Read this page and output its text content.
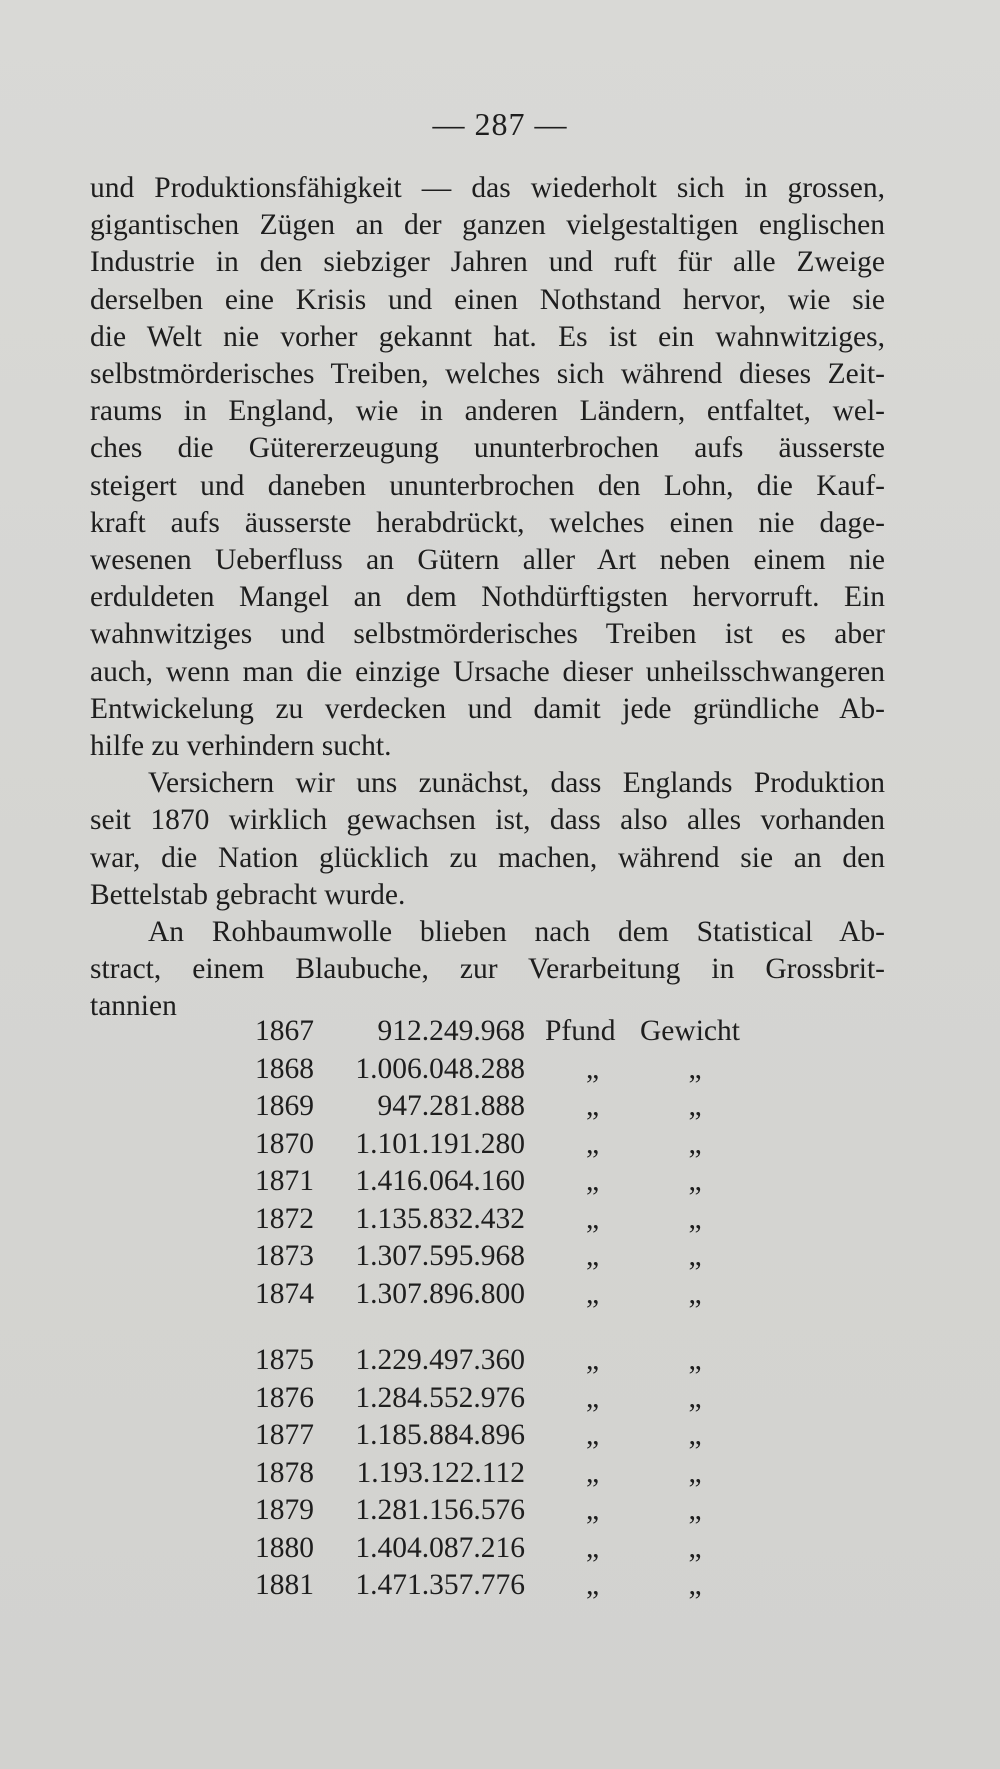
— 287 —
und Produktionsfähigkeit — das wiederholt sich in grossen,
gigantischen Zügen an der ganzen vielgestaltigen englischen
Industrie in den siebziger Jahren und ruft für alle Zweige
derselben eine Krisis und einen Nothstand hervor, wie sie
die Welt nie vorher gekannt hat. Es ist ein wahnwitziges,
selbstmörderisches Treiben, welches sich während dieses Zeit-
raums in England, wie in anderen Ländern, entfaltet, wel-
ches die Gütererzeugung ununterbrochen aufs äusserste
steigert und daneben ununterbrochen den Lohn, die Kauf-
kraft aufs äusserste herabdrückt, welches einen nie dage-
wesenen Ueberfluss an Gütern aller Art neben einem nie
erduldeten Mangel an dem Nothdürftigsten hervorruft. Ein
wahnwitziges und selbstmörderisches Treiben ist es aber
auch, wenn man die einzige Ursache dieser unheilsschwangeren
Entwickelung zu verdecken und damit jede gründliche Ab-
hilfe zu verhindern sucht.
Versichern wir uns zunächst, dass Englands Produktion
seit 1870 wirklich gewachsen ist, dass also alles vorhanden
war, die Nation glücklich zu machen, während sie an den
Bettelstab gebracht wurde.
An Rohbaumwolle blieben nach dem Statistical Ab-
stract, einem Blaubuche, zur Verarbeitung in Grossbrit-
tannien
1867	912.249.968 Pfund Gewicht
1868	1.006.048.288	„	„
1869	947.281.888	„	„
1870	1.101.191.280	„	„
1871	1.416.064.160	„	„
1872	1.135.832.432	„	„
1873	1.307.595.968	„	„
1874	1.307.896.800	„	„
1875	1.229.497.360	„	„
1876	1.284.552.976	„	„
1877	1.185.884.896	„	„
1878	1.193.122.112	„	„
1879	1.281.156.576	„	„
1880	1.404.087.216	„	„
1881	1.471.357.776	„	„
